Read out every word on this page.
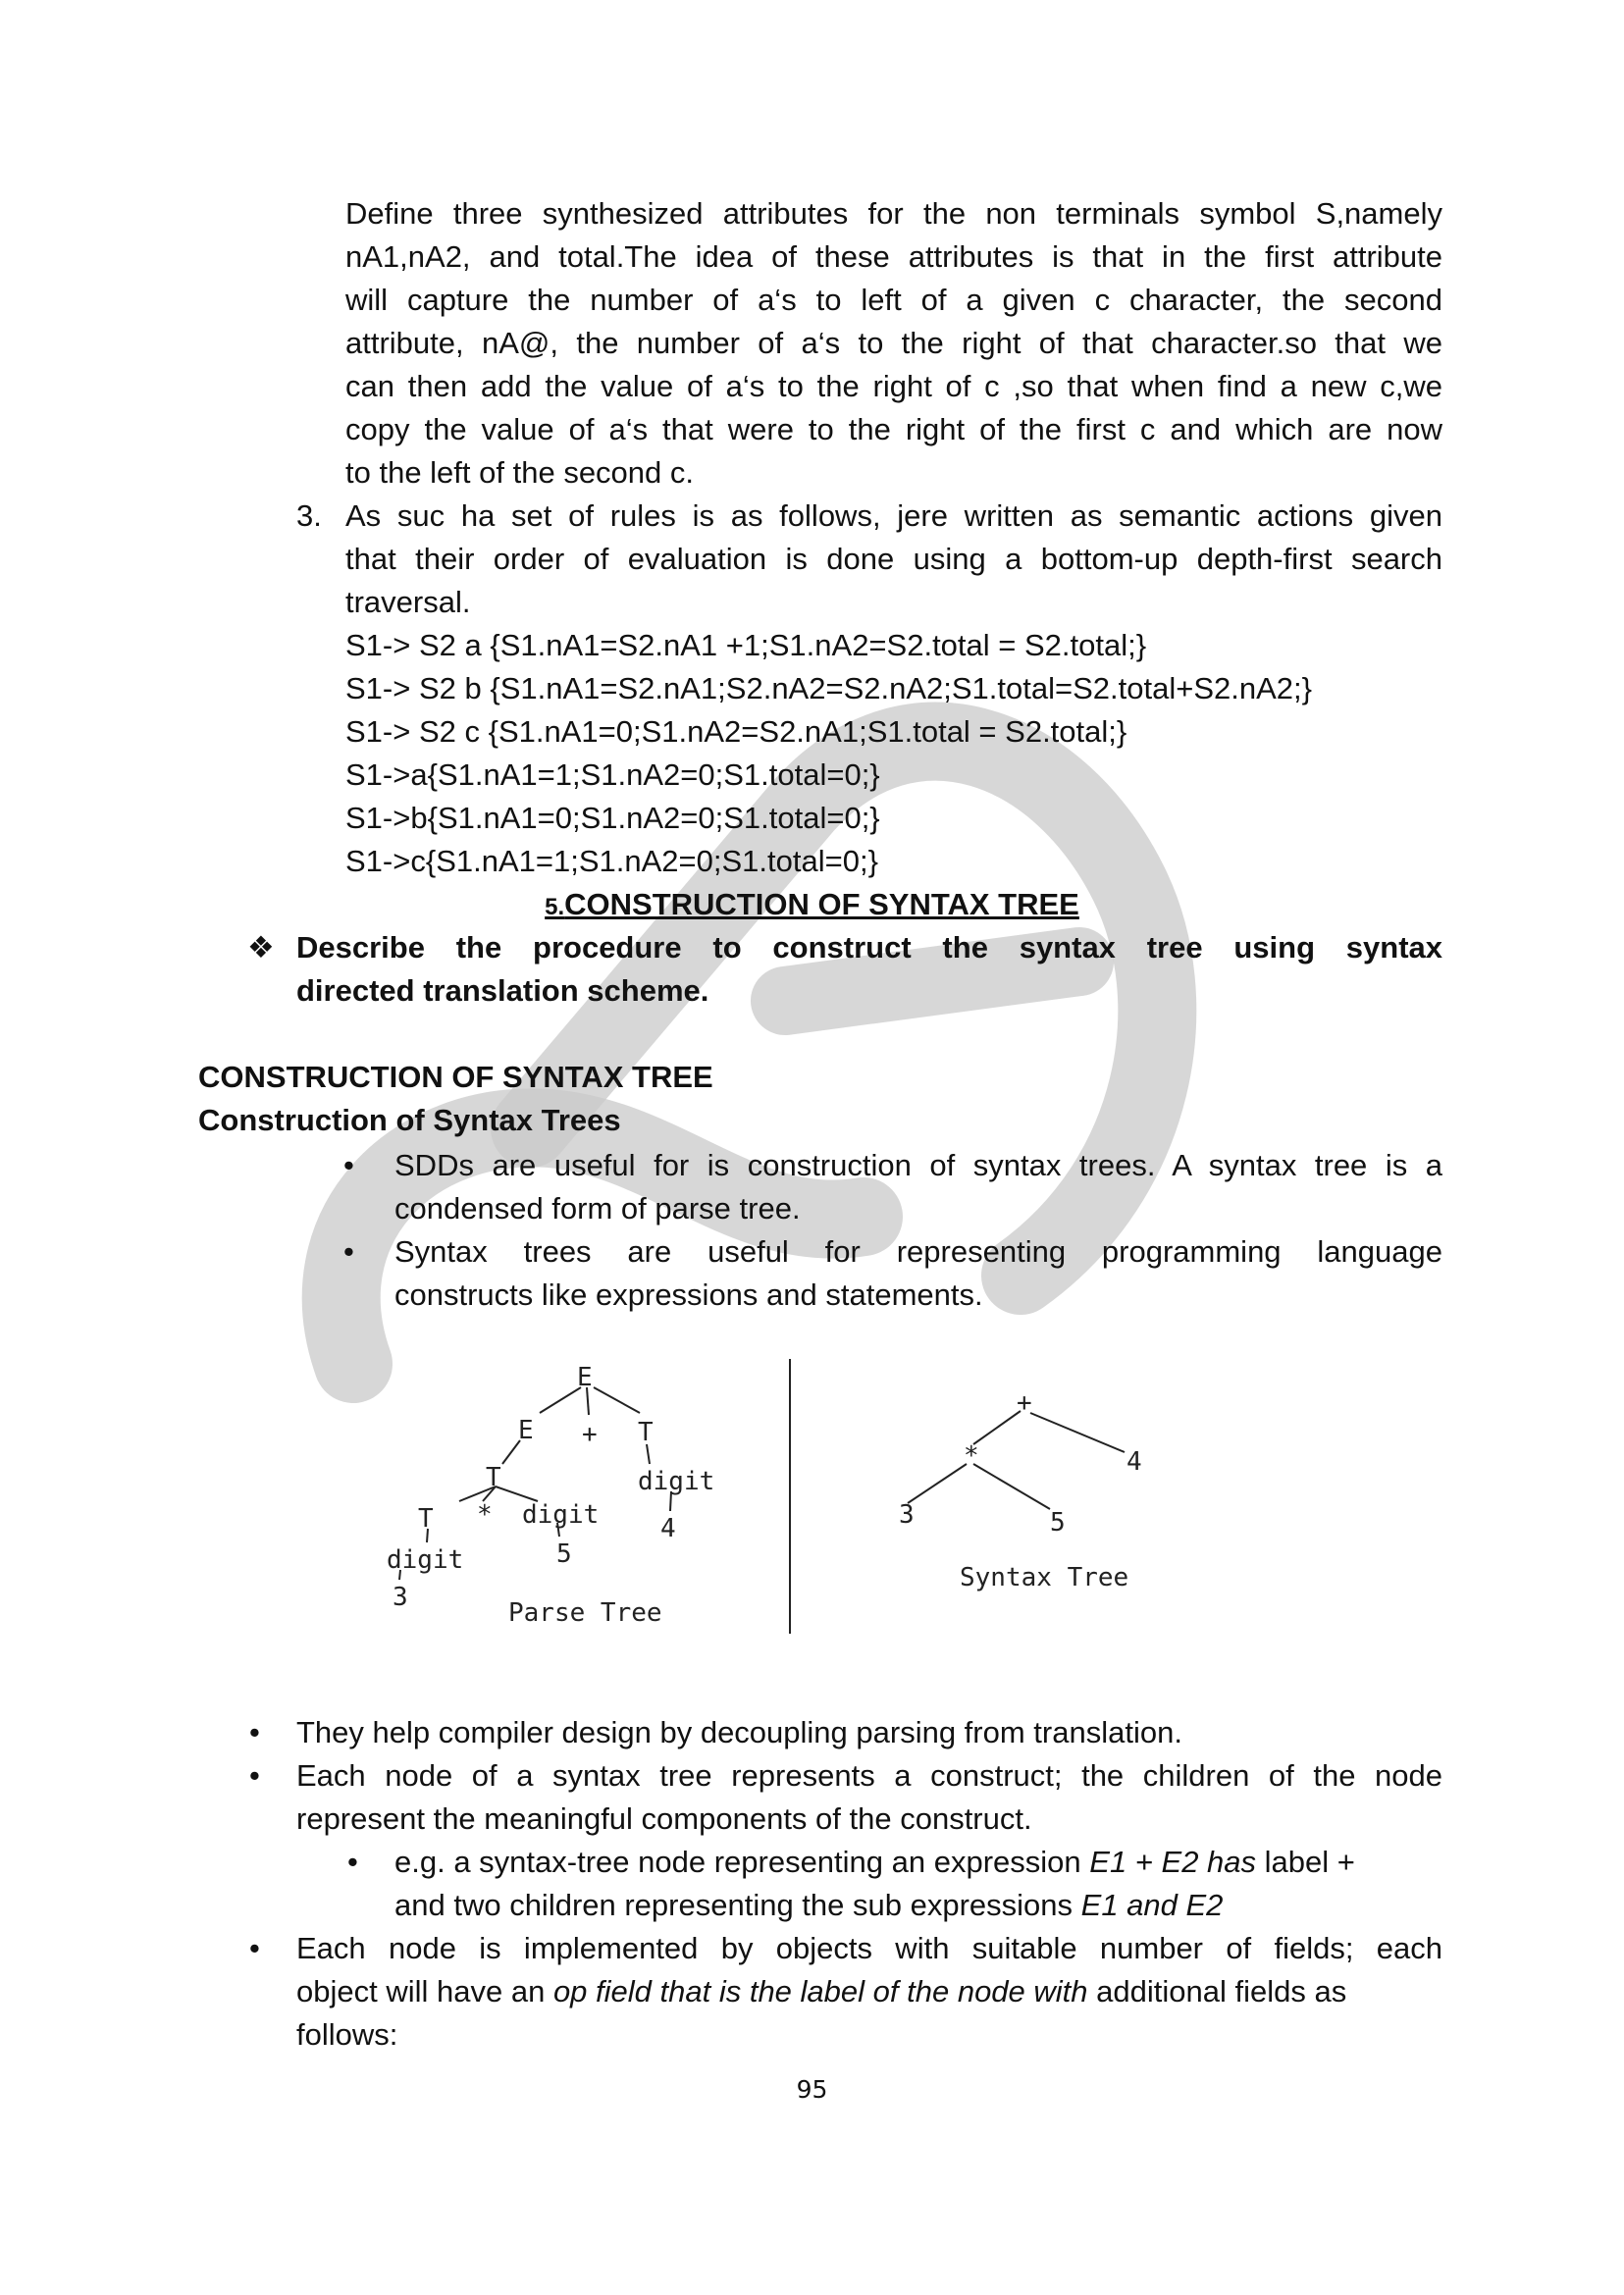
Define three synthesized attributes for the non terminals symbol S,namely
nA1,nA2, and total.The idea of these attributes is that in the first attribute
will capture the number of a‘s to left of a given c character, the second
attribute, nA@, the number of a‘s to the right of that character.so that we
can then add the value of a‘s to the right of c ,so that when find a new c,we
copy the value of a‘s that were to the right of the first c and which are now
to the left of the second c.
3. As suc ha set of rules is as follows, jere written as semantic actions given
that their order of evaluation is done using a bottom-up depth-first search
traversal.
S1-> S2 a {S1.nA1=S2.nA1 +1;S1.nA2=S2.total = S2.total;}
S1-> S2 b {S1.nA1=S2.nA1;S2.nA2=S2.nA2;S1.total=S2.total+S2.nA2;}
S1-> S2 c {S1.nA1=0;S1.nA2=S2.nA1;S1.total = S2.total;}
S1->a{S1.nA1=1;S1.nA2=0;S1.total=0;}
S1->b{S1.nA1=0;S1.nA2=0;S1.total=0;}
S1->c{S1.nA1=1;S1.nA2=0;S1.total=0;}
5.CONSTRUCTION OF SYNTAX TREE
❖ Describe the procedure to construct the syntax tree using syntax
directed translation scheme.
CONSTRUCTION OF SYNTAX TREE
Construction of Syntax Trees
• SDDs are useful for is construction of syntax trees. A syntax tree is a
condensed form of parse tree.
• Syntax trees are useful for representing programming language
constructs like expressions and statements.
E
E + T
T	digit
4
T * digit
5
digit
3
Parse Tree
+
*	4
3	5
Syntax Tree
• They help compiler design by decoupling parsing from translation.
• Each node of a syntax tree represents a construct; the children of the node
represent the meaningful components of the construct.
• e.g. a syntax-tree node representing an expression E1 + E2 has label +
and two children representing the sub expressions E1 and E2
• Each node is implemented by objects with suitable number of fields; each
object will have an op field that is the label of the node with additional fields as
follows:
95
